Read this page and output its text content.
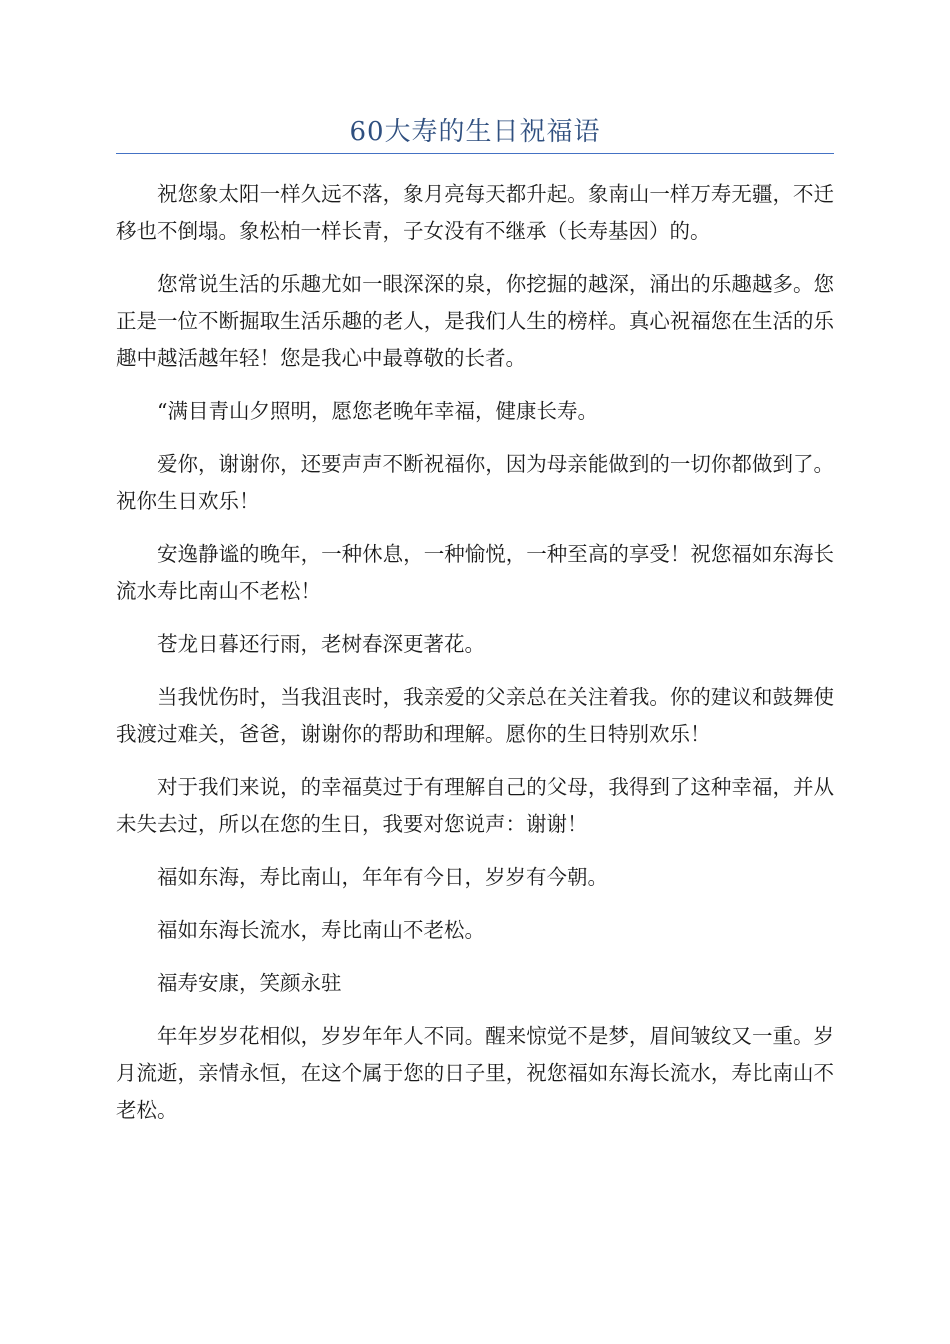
60大寿的生日祝福语

祝您象太阳一样久远不落，象月亮每天都升起。象南山一样万寿无疆，不迁移也不倒塌。象松柏一样长青，子女没有不继承（长寿基因）的。

您常说生活的乐趣尤如一眼深深的泉，你挖掘的越深，涌出的乐趣越多。您正是一位不断掘取生活乐趣的老人，是我们人生的榜样。真心祝福您在生活的乐趣中越活越年轻！您是我心中最尊敬的长者。

“满目青山夕照明，愿您老晚年幸福，健康长寿。

爱你，谢谢你，还要声声不断祝福你，因为母亲能做到的一切你都做到了。祝你生日欢乐！

安逸静谧的晚年，一种休息，一种愉悦，一种至高的享受！祝您福如东海长流水寿比南山不老松！

苍龙日暮还行雨，老树春深更著花。

当我忧伤时，当我沮丧时，我亲爱的父亲总在关注着我。你的建议和鼓舞使我渡过难关，爸爸，谢谢你的帮助和理解。愿你的生日特别欢乐！

对于我们来说，的幸福莫过于有理解自己的父母，我得到了这种幸福，并从未失去过，所以在您的生日，我要对您说声：谢谢！

福如东海，寿比南山，年年有今日，岁岁有今朝。

福如东海长流水，寿比南山不老松。

福寿安康，笑颜永驻

年年岁岁花相似，岁岁年年人不同。醒来惊觉不是梦，眉间皱纹又一重。岁月流逝，亲情永恒，在这个属于您的日子里，祝您福如东海长流水，寿比南山不老松。
